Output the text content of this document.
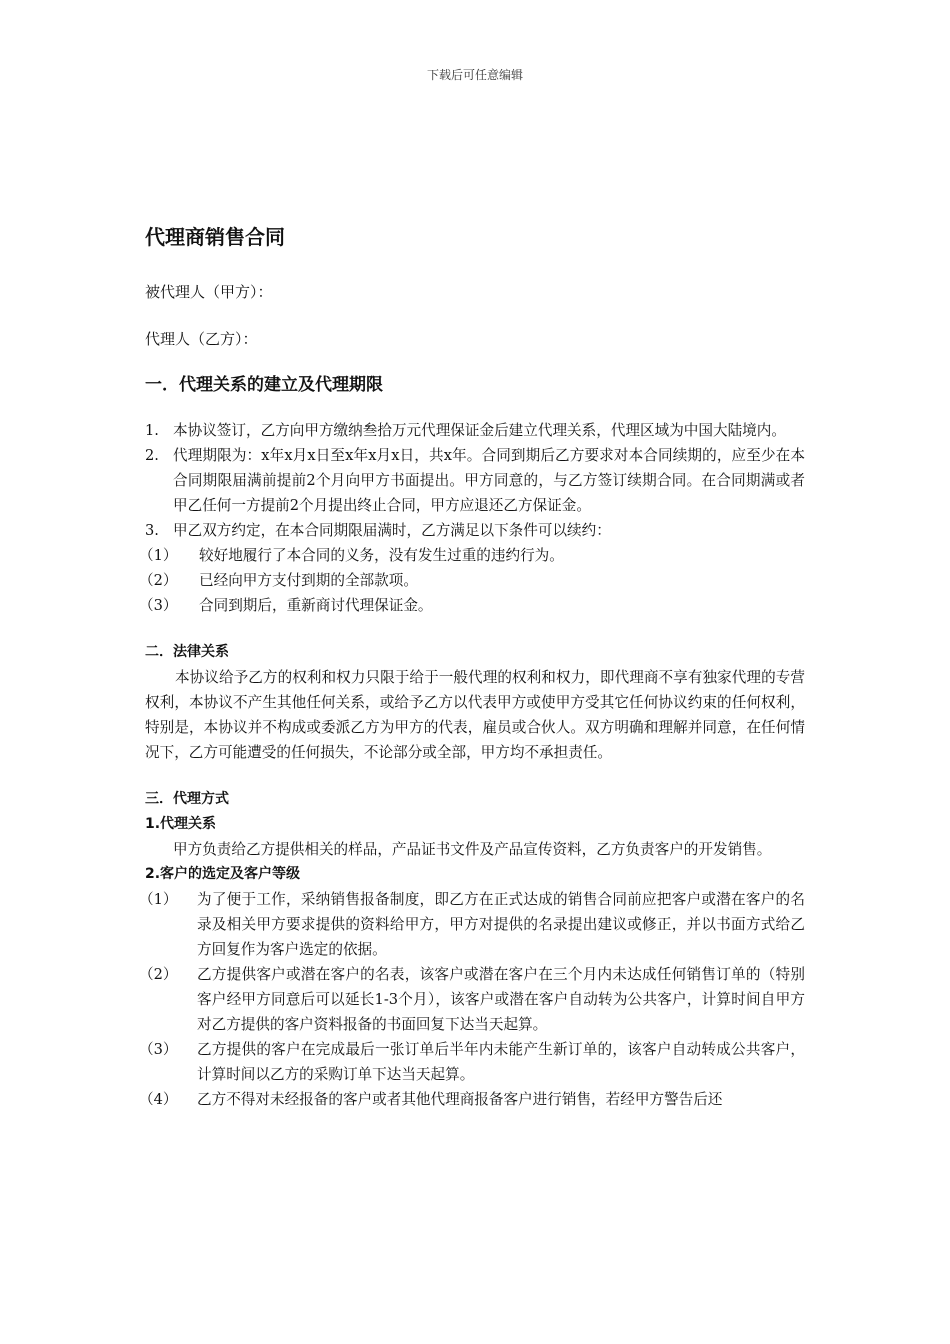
下载后可任意编辑
代理商销售合同

被代理人（甲方）：

代理人（乙方）：

一．代理关系的建立及代理期限
1. 本协议签订，乙方向甲方缴纳叁拾万元代理保证金后建立代理关系，代理区域为中国大陆境内。
2. 代理期限为：x年x月x日至x年x月x日，共x年。合同到期后乙方要求对本合同续期的，应至少在本合同期限届满前提前2个月向甲方书面提出。甲方同意的，与乙方签订续期合同。在合同期满或者甲乙任何一方提前2个月提出终止合同，甲方应退还乙方保证金。
3. 甲乙双方约定，在本合同期限届满时，乙方满足以下条件可以续约：
（1）	较好地履行了本合同的义务，没有发生过重的违约行为。
（2）	已经向甲方支付到期的全部款项。
（3）	合同到期后，重新商讨代理保证金。
二．法律关系

本协议给予乙方的权利和权力只限于给于一般代理的权利和权力，即代理商不享有独家代理的专营权利，本协议不产生其他任何关系，或给予乙方以代表甲方或使甲方受其它任何协议约束的任何权利，特别是，本协议并不构成或委派乙方为甲方的代表，雇员或合伙人。双方明确和理解并同意，在任何情况下，乙方可能遭受的任何损失，不论部分或全部，甲方均不承担责任。

三．代理方式
1.代理关系

甲方负责给乙方提供相关的样品，产品证书文件及产品宣传资料，乙方负责客户的开发销售。

2.客户的选定及客户等级
（1）	为了便于工作，采纳销售报备制度，即乙方在正式达成的销售合同前应把客户或潜在客户的名录及相关甲方要求提供的资料给甲方，甲方对提供的名录提出建议或修正，并以书面方式给乙方回复作为客户选定的依据。
（2）	乙方提供客户或潜在客户的名表，该客户或潜在客户在三个月内未达成任何销售订单的（特别客户经甲方同意后可以延长1-3个月），该客户或潜在客户自动转为公共客户，计算时间自甲方对乙方提供的客户资料报备的书面回复下达当天起算。
（3）	乙方提供的客户在完成最后一张订单后半年内未能产生新订单的，该客户自动转成公共客户，计算时间以乙方的采购订单下达当天起算。
（4）	乙方不得对未经报备的客户或者其他代理商报备客户进行销售，若经甲方警告后还
